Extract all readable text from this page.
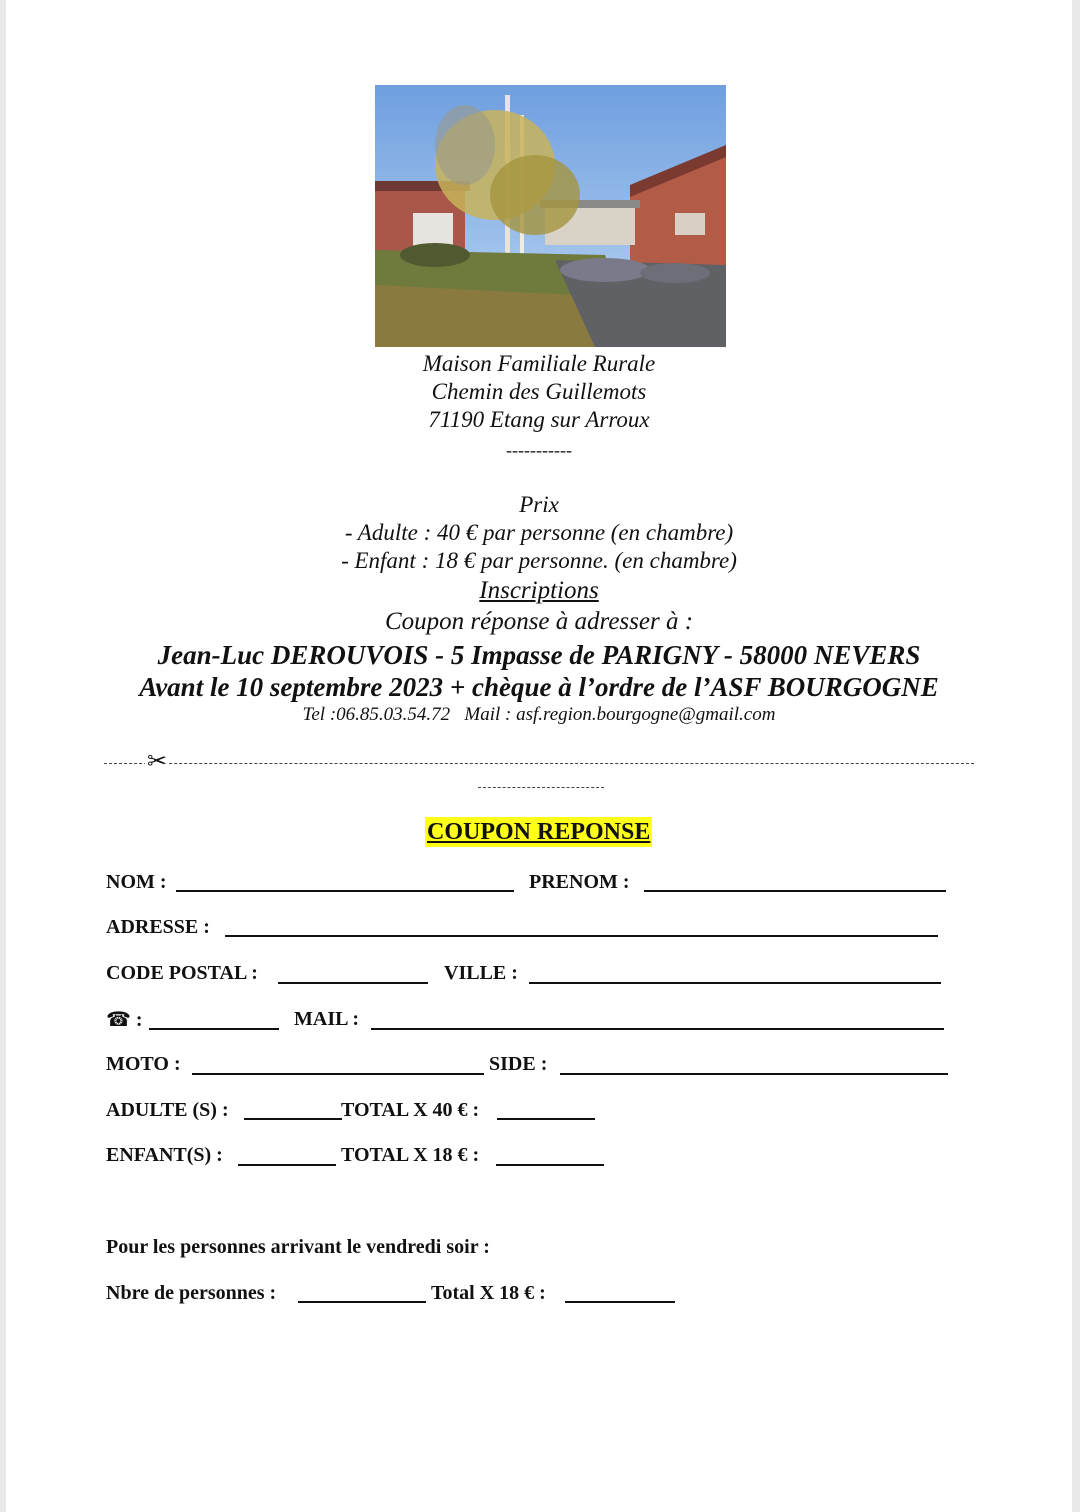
Maison Familiale Rurale
Chemin des Guillemots
71190 Etang sur Arroux
-----------
Prix
- Adulte : 40 € par personne (en chambre)
- Enfant : 18 € par personne. (en chambre)
Inscriptions
Coupon réponse à adresser à :
Jean-Luc DEROUVOIS - 5 Impasse de PARIGNY - 58000 NEVERS
Avant le 10 septembre 2023 + chèque à l’ordre de l’ASF BOURGOGNE
Tel :06.85.03.54.72   Mail : asf.region.bourgogne@gmail.com
✂
COUPON REPONSE
NOM :	PRENOM :
ADRESSE :
CODE POSTAL :	VILLE :
☎ :	MAIL :
MOTO :	SIDE :
ADULTE (S) :	TOTAL X 40 € :
ENFANT(S) :	TOTAL X 18 € :
Pour les personnes arrivant le vendredi soir :
Nbre de personnes :	Total X 18 € :
